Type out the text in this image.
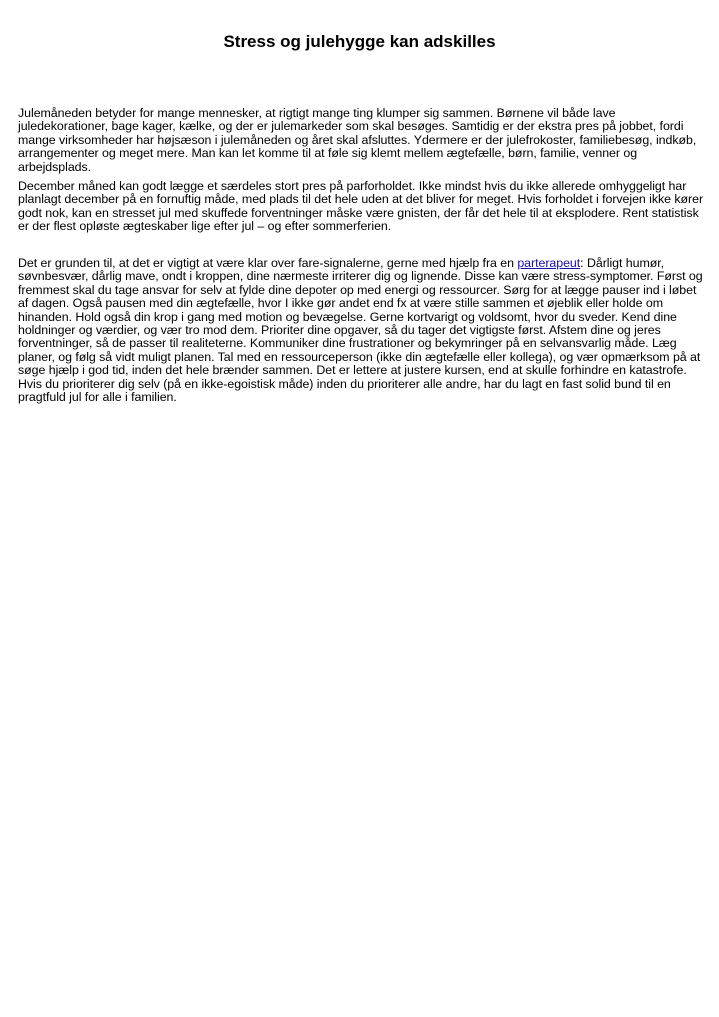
Stress og julehygge kan adskilles

Julemåneden betyder for mange mennesker, at rigtigt mange ting klumper sig sammen. Børnene vil både lave juledekorationer, bage kager, kælke, og der er julemarkeder som skal besøges. Samtidig er der ekstra pres på jobbet, fordi mange virksomheder har højsæson i julemåneden og året skal afsluttes. Ydermere er der julefrokoster, familiebesøg, indkøb, arrangementer og meget mere. Man kan let komme til at føle sig klemt mellem ægtefælle, børn, familie, venner og arbejdsplads.

December måned kan godt lægge et særdeles stort pres på parforholdet. Ikke mindst hvis du ikke allerede omhyggeligt har planlagt december på en fornuftig måde, med plads til det hele uden at det bliver for meget. Hvis forholdet i forvejen ikke kører godt nok, kan en stresset jul med skuffede forventninger måske være gnisten, der får det hele til at eksplodere. Rent statistisk er der flest opløste ægteskaber lige efter jul – og efter sommerferien.

Det er grunden til, at det er vigtigt at være klar over fare-signalerne, gerne med hjælp fra en parterapeut: Dårligt humør, søvnbesvær, dårlig mave, ondt i kroppen, dine nærmeste irriterer dig og lignende. Disse kan være stress-symptomer. Først og fremmest skal du tage ansvar for selv at fylde dine depoter op med energi og ressourcer. Sørg for at lægge pauser ind i løbet af dagen. Også pausen med din ægtefælle, hvor I ikke gør andet end fx at være stille sammen et øjeblik eller holde om hinanden. Hold også din krop i gang med motion og bevægelse. Gerne kortvarigt og voldsomt, hvor du sveder. Kend dine holdninger og værdier, og vær tro mod dem. Prioriter dine opgaver, så du tager det vigtigste først. Afstem dine og jeres forventninger, så de passer til realiteterne. Kommuniker dine frustrationer og bekymringer på en selvansvarlig måde. Læg planer, og følg så vidt muligt planen. Tal med en ressourceperson (ikke din ægtefælle eller kollega), og vær opmærksom på at søge hjælp i god tid, inden det hele brænder sammen. Det er lettere at justere kursen, end at skulle forhindre en katastrofe. Hvis du prioriterer dig selv (på en ikke-egoistisk måde) inden du prioriterer alle andre, har du lagt en fast solid bund til en pragtfuld jul for alle i familien.
